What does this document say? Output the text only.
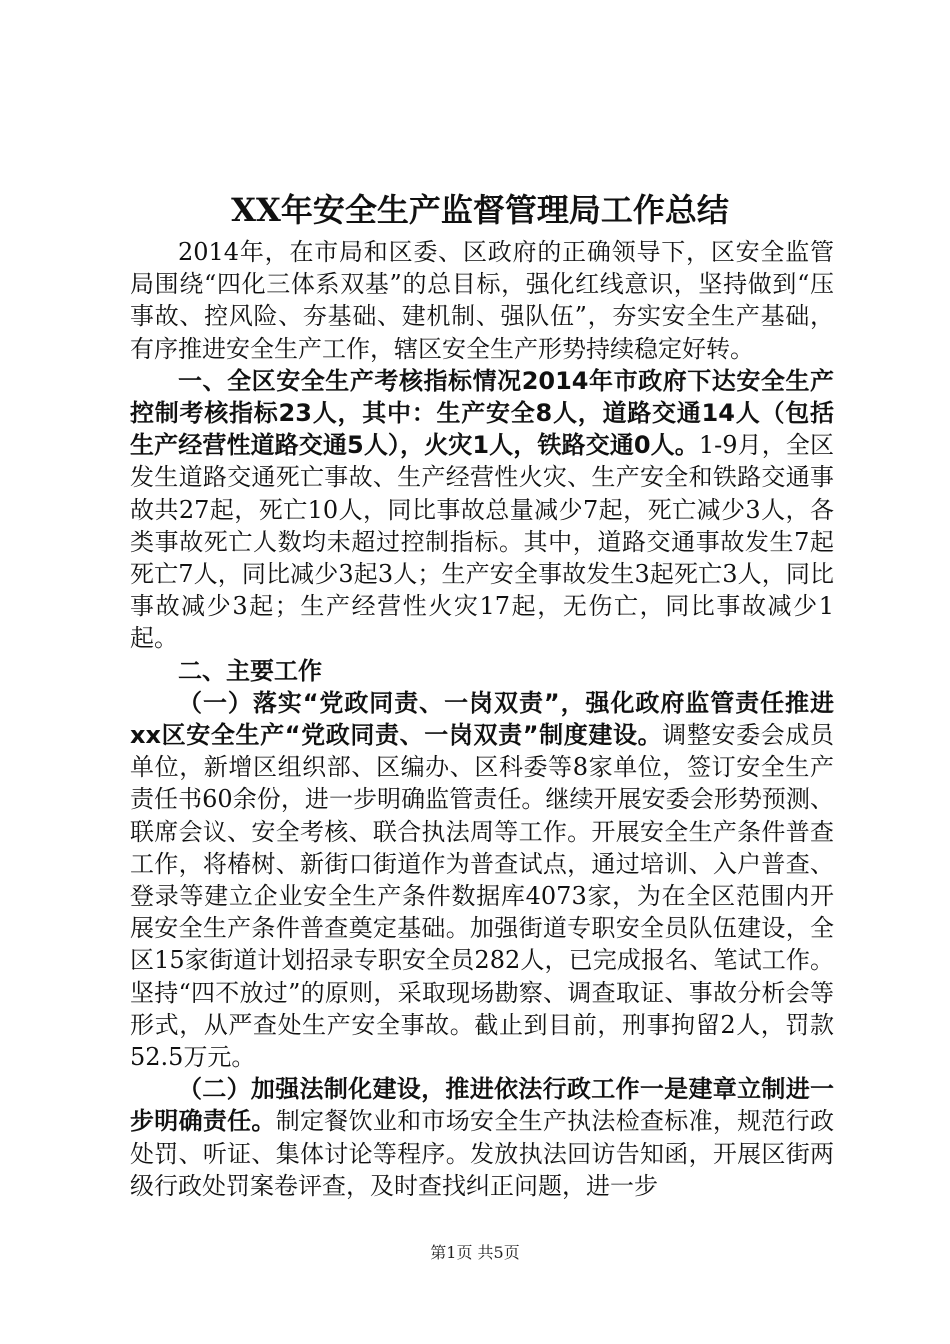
XX年安全生产监督管理局工作总结

2014年，在市局和区委、区政府的正确领导下，区安全监管局围绕“四化三体系双基”的总目标，强化红线意识，坚持做到“压事故、控风险、夯基础、建机制、强队伍”，夯实安全生产基础，有序推进安全生产工作，辖区安全生产形势持续稳定好转。

一、全区安全生产考核指标情况2014年市政府下达安全生产控制考核指标23人，其中：生产安全8人，道路交通14人（包括生产经营性道路交通5人），火灾1人，铁路交通0人。1-9月，全区发生道路交通死亡事故、生产经营性火灾、生产安全和铁路交通事故共27起，死亡10人，同比事故总量减少7起，死亡减少3人，各类事故死亡人数均未超过控制指标。其中，道路交通事故发生7起死亡7人，同比减少3起3人；生产安全事故发生3起死亡3人，同比事故减少3起；生产经营性火灾17起，无伤亡，同比事故减少1起。

二、主要工作

（一）落实“党政同责、一岗双责”，强化政府监管责任推进xx区安全生产“党政同责、一岗双责”制度建设。调整安委会成员单位，新增区组织部、区编办、区科委等8家单位，签订安全生产责任书60余份，进一步明确监管责任。继续开展安委会形势预测、联席会议、安全考核、联合执法周等工作。开展安全生产条件普查工作，将椿树、新街口街道作为普查试点，通过培训、入户普查、登录等建立企业安全生产条件数据库4073家，为在全区范围内开展安全生产条件普查奠定基础。加强街道专职安全员队伍建设，全区15家街道计划招录专职安全员282人，已完成报名、笔试工作。坚持“四不放过”的原则，采取现场勘察、调查取证、事故分析会等形式，从严查处生产安全事故。截止到目前，刑事拘留2人，罚款52.5万元。

（二）加强法制化建设，推进依法行政工作一是建章立制进一步明确责任。制定餐饮业和市场安全生产执法检查标准，规范行政处罚、听证、集体讨论等程序。发放执法回访告知函，开展区街两级行政处罚案卷评查，及时查找纠正问题，进一步

第1页 共5页
